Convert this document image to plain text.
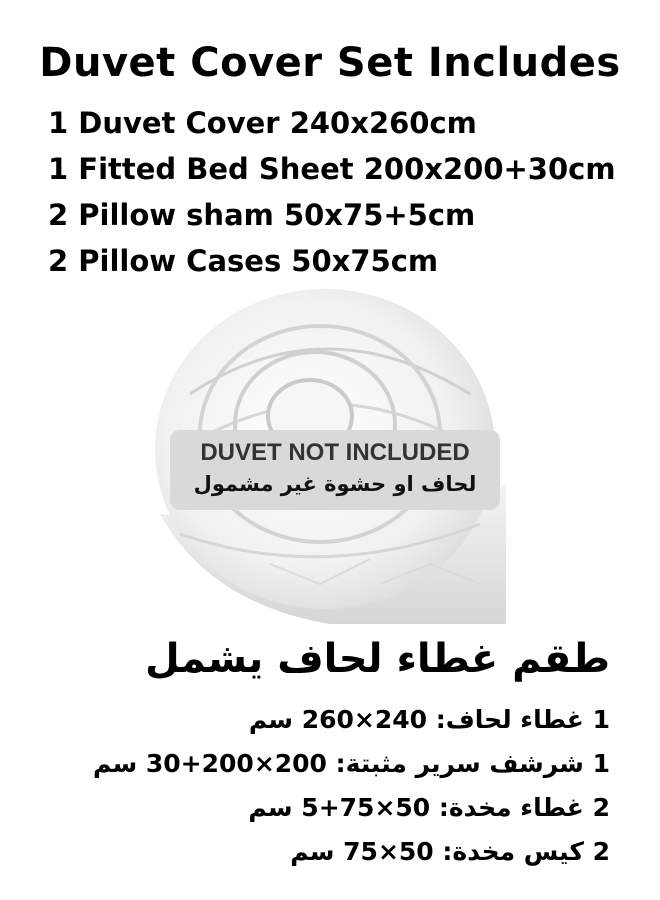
Duvet Cover Set Includes
1 Duvet Cover 240x260cm
1 Fitted Bed Sheet 200x200+30cm
2 Pillow sham 50x75+5cm
2 Pillow Cases 50x75cm
DUVET NOT INCLUDED
لحاف او حشوة غير مشمول
طقم غطاء لحاف يشمل
1 غطاء لحاف: 240×260 سم
1 شرشف سرير مثبتة: 200×200+30 سم
2 غطاء مخدة: 50×75+5 سم
2 كيس مخدة: 50×75 سم
